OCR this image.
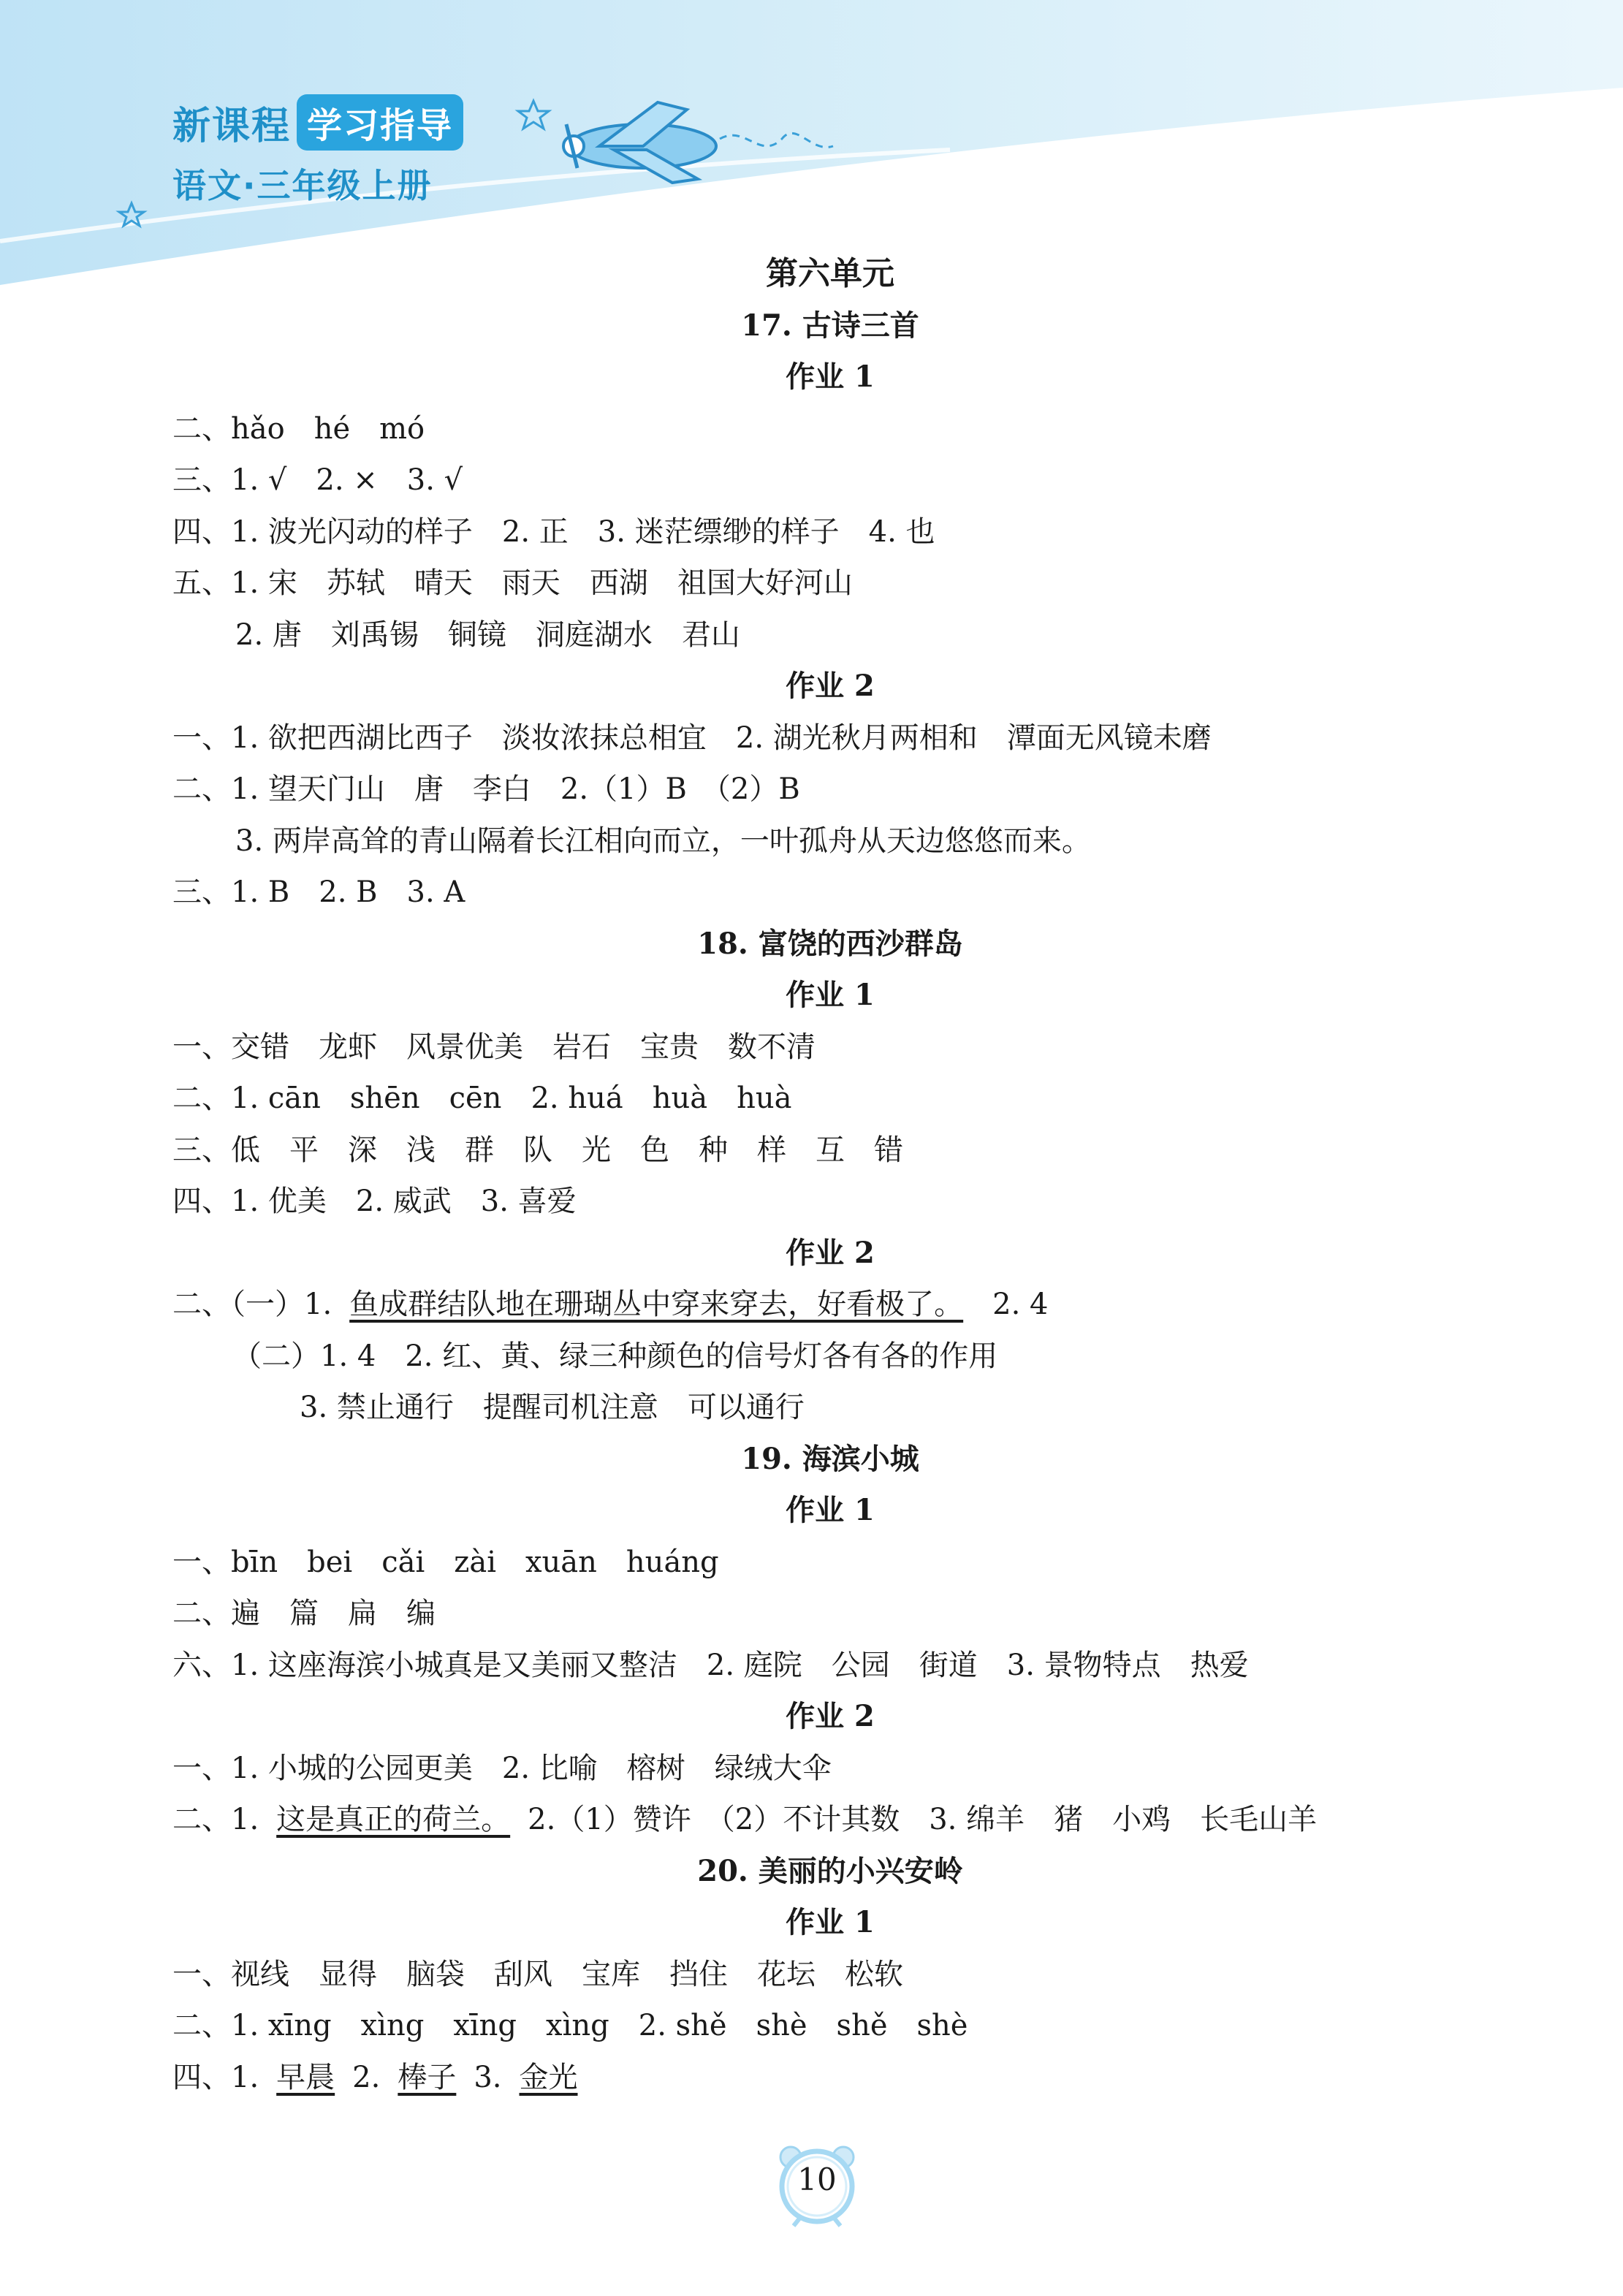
新课程 学习指导
语文·三年级上册
第六单元
17. 古诗三首
作业 1
二、hǎo　hé　mó
三、1. √　2. ×　3. √
四、1. 波光闪动的样子　2. 正　3. 迷茫缥缈的样子　4. 也
五、1. 宋　苏轼　晴天　雨天　西湖　祖国大好河山
2. 唐　刘禹锡　铜镜　洞庭湖水　君山
作业 2
一、1. 欲把西湖比西子　淡妆浓抹总相宜　2. 湖光秋月两相和　潭面无风镜未磨
二、1. 望天门山　唐　李白　2.（1）B　（2）B
3. 两岸高耸的青山隔着长江相向而立，一叶孤舟从天边悠悠而来。
三、1. B　2. B　3. A
18. 富饶的西沙群岛
作业 1
一、交错　龙虾　风景优美　岩石　宝贵　数不清
二、1. cān　shēn　cēn　2. huá　huà　huà
三、低　平　深　浅　群　队　光　色　种　样　互　错
四、1. 优美　2. 威武　3. 喜爱
作业 2
二、（一）1. 鱼成群结队地在珊瑚丛中穿来穿去，好看极了。 2. 4
（二）1. 4　2. 红、黄、绿三种颜色的信号灯各有各的作用
3. 禁止通行　提醒司机注意　可以通行
19. 海滨小城
作业 1
一、bīn　bei　cǎi　zài　xuān　huáng
二、遍　篇　扁　编
六、1. 这座海滨小城真是又美丽又整洁　2. 庭院　公园　街道　3. 景物特点　热爱
作业 2
一、1. 小城的公园更美　2. 比喻　榕树　绿绒大伞
二、1. 这是真正的荷兰。 2.（1）赞许　（2）不计其数　3. 绵羊　猪　小鸡　长毛山羊
20. 美丽的小兴安岭
作业 1
一、视线　显得　脑袋　刮风　宝库　挡住　花坛　松软
二、1. xīng　xìng　xīng　xìng　2. shě　shè　shě　shè
四、1. 早晨 2. 棒子 3. 金光
10
